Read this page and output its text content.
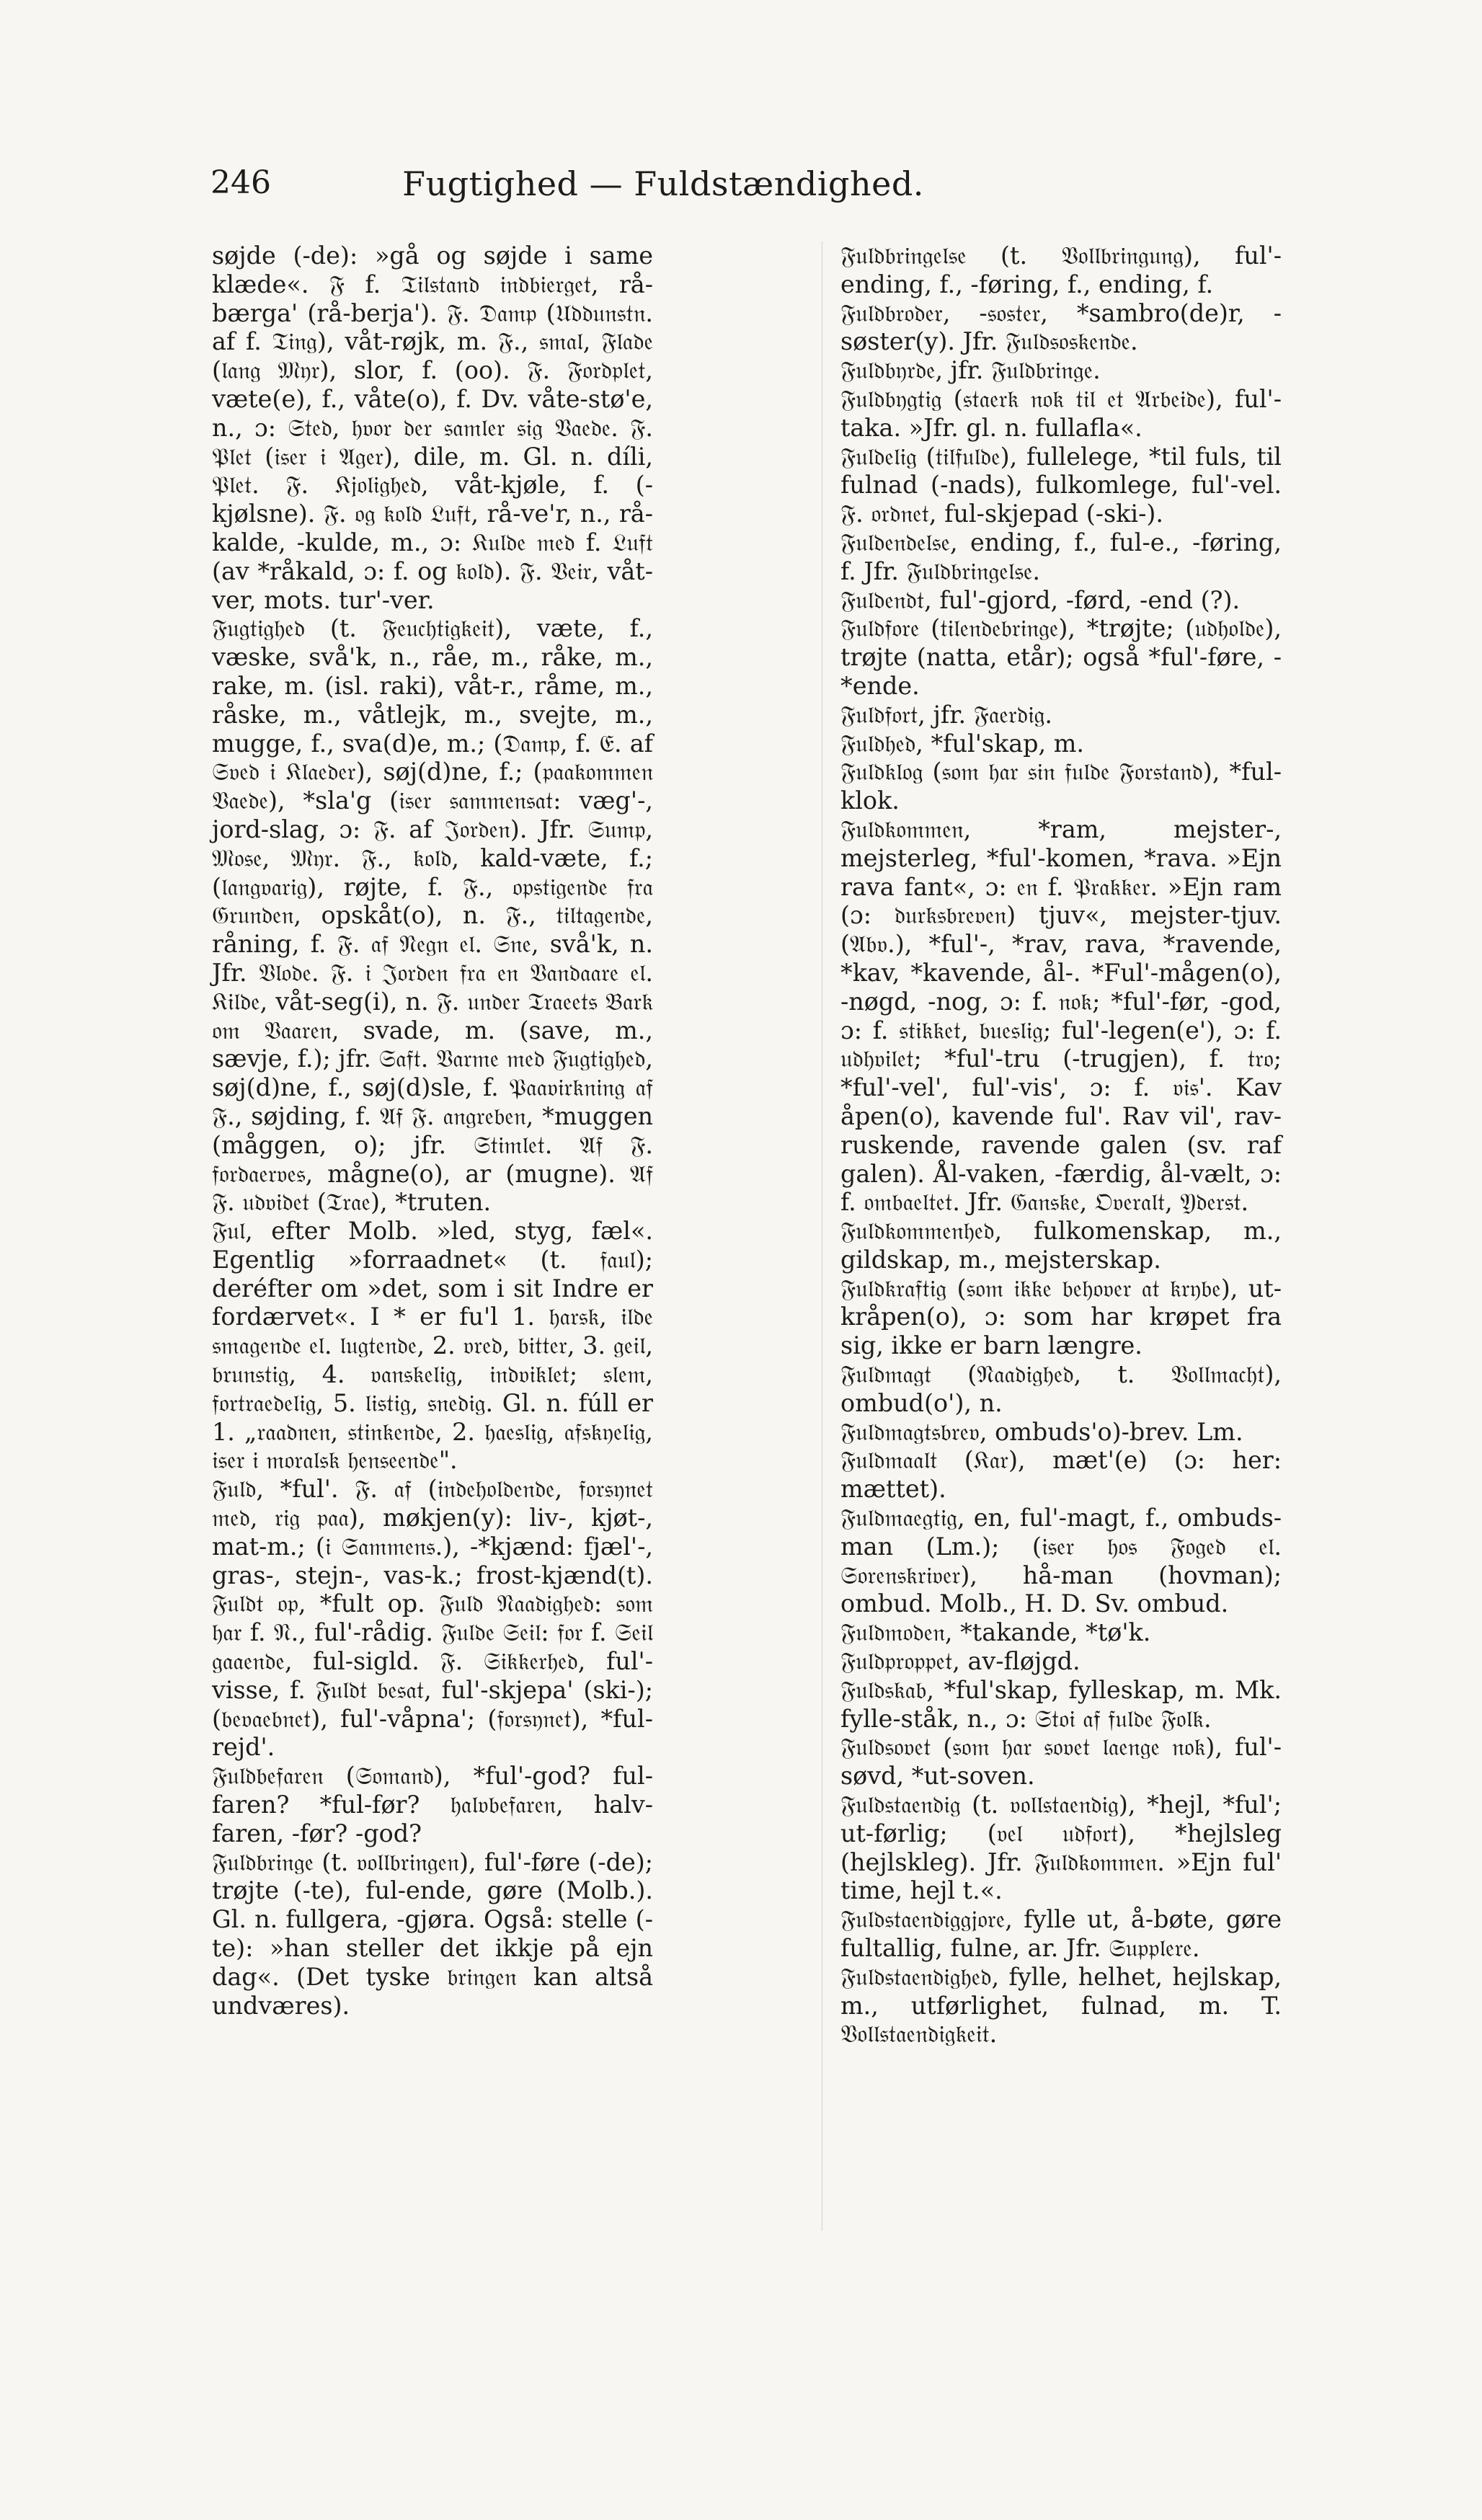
246	Fugtighed — Fuldstændighed.

søjde (-de): »gå og søjde i same klæde«. 𝔉 f. 𝔗𝔦𝔩𝔰𝔱𝔞𝔫𝔡 𝔦𝔫𝔡𝔟𝔦𝔢𝔯𝔤𝔢𝔱, rå-bærga' (rå-berja'). 𝔉. 𝔇𝔞𝔪𝔭 (𝔘𝔡𝔡𝔲𝔫𝔰𝔱𝔫. af f. 𝔗𝔦𝔫𝔤), våt-røjk, m. 𝔉., 𝔰𝔪𝔞𝔩, 𝔉𝔩𝔞𝔡𝔢 (𝔩𝔞𝔫𝔤 𝔐𝔶𝔯), slor, f. (oo). 𝔉. 𝔉𝔬𝔯𝔡𝔭𝔩𝔢𝔱, væte(e), f., våte(o), f. Dv. våte-stø'e, n., ɔ: 𝔖𝔱𝔢𝔡, 𝔥𝔳𝔬𝔯 𝔡𝔢𝔯 𝔰𝔞𝔪𝔩𝔢𝔯 𝔰𝔦𝔤 𝔙𝔞𝔢𝔡𝔢. 𝔉. 𝔓𝔩𝔢𝔱 (𝔦𝔰𝔢𝔯 𝔦 𝔄𝔤𝔢𝔯), dile, m. Gl. n. díli, 𝔓𝔩𝔢𝔱. 𝔉. 𝔎𝔧𝔬𝔩𝔦𝔤𝔥𝔢𝔡, våt-kjøle, f. (-kjølsne). 𝔉. 𝔬𝔤 𝔨𝔬𝔩𝔡 𝔏𝔲𝔣𝔱, rå-ve'r, n., rå-kalde, -kulde, m., ɔ: 𝔎𝔲𝔩𝔡𝔢 𝔪𝔢𝔡 f. 𝔏𝔲𝔣𝔱 (av *råkald, ɔ: f. og 𝔨𝔬𝔩𝔡). 𝔉. 𝔙𝔢𝔦𝔯, våt-ver, mots. tur'-ver.

𝔉𝔲𝔤𝔱𝔦𝔤𝔥𝔢𝔡 (t. 𝔉𝔢𝔲𝔠𝔥𝔱𝔦𝔤𝔨𝔢𝔦𝔱), væte, f., væske, svå'k, n., råe, m., råke, m., rake, m. (isl. raki), våt-r., råme, m., råske, m., våtlejk, m., svejte, m., mugge, f., sva(d)e, m.; (𝔇𝔞𝔪𝔭, f. 𝔈. af 𝔖𝔳𝔢𝔡 𝔦 𝔎𝔩𝔞𝔢𝔡𝔢𝔯), søj(d)ne, f.; (𝔭𝔞𝔞𝔨𝔬𝔪𝔪𝔢𝔫 𝔙𝔞𝔢𝔡𝔢), *sla'g (𝔦𝔰𝔢𝔯 𝔰𝔞𝔪𝔪𝔢𝔫𝔰𝔞𝔱: væg'-, jord-slag, ɔ: 𝔉. af 𝔍𝔬𝔯𝔡𝔢𝔫). Jfr. 𝔖𝔲𝔪𝔭, 𝔐𝔬𝔰𝔢, 𝔐𝔶𝔯. 𝔉., 𝔨𝔬𝔩𝔡, kald-væte, f.; (𝔩𝔞𝔫𝔤𝔳𝔞𝔯𝔦𝔤), røjte, f. 𝔉., 𝔬𝔭𝔰𝔱𝔦𝔤𝔢𝔫𝔡𝔢 𝔣𝔯𝔞 𝔊𝔯𝔲𝔫𝔡𝔢𝔫, opskåt(o), n. 𝔉., 𝔱𝔦𝔩𝔱𝔞𝔤𝔢𝔫𝔡𝔢, råning, f. 𝔉. 𝔞𝔣 𝔑𝔢𝔤𝔫 𝔢𝔩. 𝔖𝔫𝔢, svå'k, n. Jfr. 𝔙𝔩𝔬𝔡𝔢. 𝔉. 𝔦 𝔍𝔬𝔯𝔡𝔢𝔫 𝔣𝔯𝔞 𝔢𝔫 𝔙𝔞𝔫𝔡𝔞𝔞𝔯𝔢 𝔢𝔩. 𝔎𝔦𝔩𝔡𝔢, våt-seg(i), n. 𝔉. 𝔲𝔫𝔡𝔢𝔯 𝔗𝔯𝔞𝔢𝔢𝔱𝔰 𝔅𝔞𝔯𝔨 𝔬𝔪 𝔙𝔞𝔞𝔯𝔢𝔫, svade, m. (save, m., sævje, f.); jfr. 𝔖𝔞𝔣𝔱. 𝔙𝔞𝔯𝔪𝔢 𝔪𝔢𝔡 𝔉𝔲𝔤𝔱𝔦𝔤𝔥𝔢𝔡, søj(d)ne, f., søj(d)sle, f. 𝔓𝔞𝔞𝔳𝔦𝔯𝔨𝔫𝔦𝔫𝔤 𝔞𝔣 𝔉., søjding, f. 𝔄𝔣 𝔉. 𝔞𝔫𝔤𝔯𝔢𝔟𝔢𝔫, *muggen (måggen, o); jfr. 𝔖𝔱𝔦𝔪𝔩𝔢𝔱. 𝔄𝔣 𝔉. 𝔣𝔬𝔯𝔡𝔞𝔢𝔯𝔳𝔢𝔰, mågne(o), ar (mugne). 𝔄𝔣 𝔉. 𝔲𝔡𝔳𝔦𝔡𝔢𝔱 (𝔗𝔯𝔞𝔢), *truten.

𝔉𝔲𝔩, efter Molb. »led, styg, fæl«. Egentlig »forraadnet« (t. 𝔣𝔞𝔲𝔩); deréfter om »det, som i sit Indre er fordærvet«. I * er fu'l 1. 𝔥𝔞𝔯𝔰𝔨, 𝔦𝔩𝔡𝔢 𝔰𝔪𝔞𝔤𝔢𝔫𝔡𝔢 𝔢𝔩. 𝔩𝔲𝔤𝔱𝔢𝔫𝔡𝔢, 2. 𝔳𝔯𝔢𝔡, 𝔟𝔦𝔱𝔱𝔢𝔯, 3. 𝔤𝔢𝔦𝔩, 𝔟𝔯𝔲𝔫𝔰𝔱𝔦𝔤, 4. 𝔳𝔞𝔫𝔰𝔨𝔢𝔩𝔦𝔤, 𝔦𝔫𝔡𝔳𝔦𝔨𝔩𝔢𝔱; 𝔰𝔩𝔢𝔪, 𝔣𝔬𝔯𝔱𝔯𝔞𝔢𝔡𝔢𝔩𝔦𝔤, 5. 𝔩𝔦𝔰𝔱𝔦𝔤, 𝔰𝔫𝔢𝔡𝔦𝔤. Gl. n. fúll er 1. „𝔯𝔞𝔞𝔡𝔫𝔢𝔫, 𝔰𝔱𝔦𝔫𝔨𝔢𝔫𝔡𝔢, 2. 𝔥𝔞𝔢𝔰𝔩𝔦𝔤, 𝔞𝔣𝔰𝔨𝔶𝔢𝔩𝔦𝔤, 𝔦𝔰𝔢𝔯 𝔦 𝔪𝔬𝔯𝔞𝔩𝔰𝔨 𝔥𝔢𝔫𝔰𝔢𝔢𝔫𝔡𝔢".

𝔉𝔲𝔩𝔡, *ful'. 𝔉. 𝔞𝔣 (𝔦𝔫𝔡𝔢𝔥𝔬𝔩𝔡𝔢𝔫𝔡𝔢, 𝔣𝔬𝔯𝔰𝔶𝔫𝔢𝔱 𝔪𝔢𝔡, 𝔯𝔦𝔤 𝔭𝔞𝔞), møkjen(y): liv-, kjøt-, mat-m.; (𝔦 𝔖𝔞𝔪𝔪𝔢𝔫𝔰.), -*kjænd: fjæl'-, gras-, stejn-, vas-k.; frost-kjænd(t). 𝔉𝔲𝔩𝔡𝔱 𝔬𝔭, *fult op. 𝔉𝔲𝔩𝔡 𝔑𝔞𝔞𝔡𝔦𝔤𝔥𝔢𝔡: 𝔰𝔬𝔪 𝔥𝔞𝔯 f. 𝔑., ful'-rådig. 𝔉𝔲𝔩𝔡𝔢 𝔖𝔢𝔦𝔩: 𝔣𝔬𝔯 f. 𝔖𝔢𝔦𝔩 𝔤𝔞𝔞𝔢𝔫𝔡𝔢, ful-sigld. 𝔉. 𝔖𝔦𝔨𝔨𝔢𝔯𝔥𝔢𝔡, ful'-visse, f. 𝔉𝔲𝔩𝔡𝔱 𝔟𝔢𝔰𝔞𝔱, ful'-skjepa' (ski-); (𝔟𝔢𝔳𝔞𝔢𝔟𝔫𝔢𝔱), ful'-våpna'; (𝔣𝔬𝔯𝔰𝔶𝔫𝔢𝔱), *ful-rejd'.

𝔉𝔲𝔩𝔡𝔟𝔢𝔣𝔞𝔯𝔢𝔫 (𝔖𝔬𝔪𝔞𝔫𝔡), *ful'-god? ful-faren? *ful-før? 𝔥𝔞𝔩𝔳𝔟𝔢𝔣𝔞𝔯𝔢𝔫, halv-faren, -før? -god?

𝔉𝔲𝔩𝔡𝔟𝔯𝔦𝔫𝔤𝔢 (t. 𝔳𝔬𝔩𝔩𝔟𝔯𝔦𝔫𝔤𝔢𝔫), ful'-føre (-de); trøjte (-te), ful-ende, gøre (Molb.). Gl. n. fullgera, -gjøra. Også: stelle (-te): »han steller det ikkje på ejn dag«. (Det tyske 𝔟𝔯𝔦𝔫𝔤𝔢𝔫 kan altså undværes).

𝔉𝔲𝔩𝔡𝔟𝔯𝔦𝔫𝔤𝔢𝔩𝔰𝔢 (t. 𝔙𝔬𝔩𝔩𝔟𝔯𝔦𝔫𝔤𝔲𝔫𝔤), ful'-ending, f., -føring, f., ending, f.

𝔉𝔲𝔩𝔡𝔟𝔯𝔬𝔡𝔢𝔯, -𝔰𝔬𝔰𝔱𝔢𝔯, *sambro(de)r, -søster(y). Jfr. 𝔉𝔲𝔩𝔡𝔰𝔬𝔰𝔨𝔢𝔫𝔡𝔢.

𝔉𝔲𝔩𝔡𝔟𝔶𝔯𝔡𝔢, jfr. 𝔉𝔲𝔩𝔡𝔟𝔯𝔦𝔫𝔤𝔢.

𝔉𝔲𝔩𝔡𝔟𝔶𝔤𝔱𝔦𝔤 (𝔰𝔱𝔞𝔢𝔯𝔨 𝔫𝔬𝔨 𝔱𝔦𝔩 𝔢𝔱 𝔄𝔯𝔟𝔢𝔦𝔡𝔢), ful'-taka. »Jfr. gl. n. fullafla«.

𝔉𝔲𝔩𝔡𝔢𝔩𝔦𝔤 (𝔱𝔦𝔩𝔣𝔲𝔩𝔡𝔢), fullelege, *til fuls, til fulnad (-nads), fulkomlege, ful'-vel. 𝔉. 𝔬𝔯𝔡𝔫𝔢𝔱, ful-skjepad (-ski-).

𝔉𝔲𝔩𝔡𝔢𝔫𝔡𝔢𝔩𝔰𝔢, ending, f., ful-e., -føring, f. Jfr. 𝔉𝔲𝔩𝔡𝔟𝔯𝔦𝔫𝔤𝔢𝔩𝔰𝔢.

𝔉𝔲𝔩𝔡𝔢𝔫𝔡𝔱, ful'-gjord, -førd, -end (?).

𝔉𝔲𝔩𝔡𝔣𝔬𝔯𝔢 (𝔱𝔦𝔩𝔢𝔫𝔡𝔢𝔟𝔯𝔦𝔫𝔤𝔢), *trøjte; (𝔲𝔡𝔥𝔬𝔩𝔡𝔢), trøjte (natta, etår); også *ful'-føre, -*ende.

𝔉𝔲𝔩𝔡𝔣𝔬𝔯𝔱, jfr. 𝔉𝔞𝔢𝔯𝔡𝔦𝔤.

𝔉𝔲𝔩𝔡𝔥𝔢𝔡, *ful'skap, m.

𝔉𝔲𝔩𝔡𝔨𝔩𝔬𝔤 (𝔰𝔬𝔪 𝔥𝔞𝔯 𝔰𝔦𝔫 𝔣𝔲𝔩𝔡𝔢 𝔉𝔬𝔯𝔰𝔱𝔞𝔫𝔡), *ful-klok.

𝔉𝔲𝔩𝔡𝔨𝔬𝔪𝔪𝔢𝔫, *ram, mejster-, mejsterleg, *ful'-komen, *rava. »Ejn rava fant«, ɔ: 𝔢𝔫 f. 𝔓𝔯𝔞𝔨𝔨𝔢𝔯. »Ejn ram (ɔ: 𝔡𝔲𝔯𝔨𝔰𝔟𝔯𝔢𝔳𝔢𝔫) tjuv«, mejster-tjuv. (𝔄𝔟𝔳.), *ful'-, *rav, rava, *ravende, *kav, *kavende, ål-. *Ful'-mågen(o), -nøgd, -nog, ɔ: f. 𝔫𝔬𝔨; *ful'-før, -god, ɔ: f. 𝔰𝔱𝔦𝔨𝔨𝔢𝔱, 𝔟𝔲𝔢𝔰𝔩𝔦𝔤; ful'-legen(e'), ɔ: f. 𝔲𝔡𝔥𝔳𝔦𝔩𝔢𝔱; *ful'-tru (-trugjen), f. 𝔱𝔯𝔬; *ful'-vel', ful'-vis', ɔ: f. 𝔳𝔦𝔰'. Kav åpen(o), kavende ful'. Rav vil', rav-ruskende, ravende galen (sv. raf galen). Ål-vaken, -færdig, ål-vælt, ɔ: f. 𝔬𝔪𝔟𝔞𝔢𝔩𝔱𝔢𝔱. Jfr. 𝔊𝔞𝔫𝔰𝔨𝔢, 𝔒𝔳𝔢𝔯𝔞𝔩𝔱, 𝔜𝔡𝔢𝔯𝔰𝔱.

𝔉𝔲𝔩𝔡𝔨𝔬𝔪𝔪𝔢𝔫𝔥𝔢𝔡, fulkomenskap, m., gildskap, m., mejsterskap.

𝔉𝔲𝔩𝔡𝔨𝔯𝔞𝔣𝔱𝔦𝔤 (𝔰𝔬𝔪 𝔦𝔨𝔨𝔢 𝔟𝔢𝔥𝔬𝔳𝔢𝔯 𝔞𝔱 𝔨𝔯𝔶𝔟𝔢), ut-kråpen(o), ɔ: som har krøpet fra sig, ikke er barn længre.

𝔉𝔲𝔩𝔡𝔪𝔞𝔤𝔱 (𝔑𝔞𝔞𝔡𝔦𝔤𝔥𝔢𝔡, t. 𝔙𝔬𝔩𝔩𝔪𝔞𝔠𝔥𝔱), ombud(o'), n.

𝔉𝔲𝔩𝔡𝔪𝔞𝔤𝔱𝔰𝔟𝔯𝔢𝔳, ombuds'o)-brev. Lm.

𝔉𝔲𝔩𝔡𝔪𝔞𝔞𝔩𝔱 (𝔎𝔞𝔯), mæt'(e) (ɔ: her: mættet).

𝔉𝔲𝔩𝔡𝔪𝔞𝔢𝔤𝔱𝔦𝔤, en, ful'-magt, f., ombuds-man (Lm.); (𝔦𝔰𝔢𝔯 𝔥𝔬𝔰 𝔉𝔬𝔤𝔢𝔡 𝔢𝔩. 𝔖𝔬𝔯𝔢𝔫𝔰𝔨𝔯𝔦𝔳𝔢𝔯), hå-man (hovman); ombud. Molb., H. D. Sv. ombud.

𝔉𝔲𝔩𝔡𝔪𝔬𝔡𝔢𝔫, *takande, *tø'k.

𝔉𝔲𝔩𝔡𝔭𝔯𝔬𝔭𝔭𝔢𝔱, av-fløjgd.

𝔉𝔲𝔩𝔡𝔰𝔨𝔞𝔟, *ful'skap, fylleskap, m. Mk. fylle-ståk, n., ɔ: 𝔖𝔱𝔬𝔦 𝔞𝔣 𝔣𝔲𝔩𝔡𝔢 𝔉𝔬𝔩𝔨.

𝔉𝔲𝔩𝔡𝔰𝔬𝔳𝔢𝔱 (𝔰𝔬𝔪 𝔥𝔞𝔯 𝔰𝔬𝔳𝔢𝔱 𝔩𝔞𝔢𝔫𝔤𝔢 𝔫𝔬𝔨), ful'-søvd, *ut-soven.

𝔉𝔲𝔩𝔡𝔰𝔱𝔞𝔢𝔫𝔡𝔦𝔤 (t. 𝔳𝔬𝔩𝔩𝔰𝔱𝔞𝔢𝔫𝔡𝔦𝔤), *hejl, *ful'; ut-førlig; (𝔳𝔢𝔩 𝔲𝔡𝔣𝔬𝔯𝔱), *hejlsleg (hejlskleg). Jfr. 𝔉𝔲𝔩𝔡𝔨𝔬𝔪𝔪𝔢𝔫. »Ejn ful' time, hejl t.«.

𝔉𝔲𝔩𝔡𝔰𝔱𝔞𝔢𝔫𝔡𝔦𝔤𝔤𝔧𝔬𝔯𝔢, fylle ut, å-bøte, gøre fultallig, fulne, ar. Jfr. 𝔖𝔲𝔭𝔭𝔩𝔢𝔯𝔢.

𝔉𝔲𝔩𝔡𝔰𝔱𝔞𝔢𝔫𝔡𝔦𝔤𝔥𝔢𝔡, fylle, helhet, hejlskap, m., utførlighet, fulnad, m. T. 𝔙𝔬𝔩𝔩𝔰𝔱𝔞𝔢𝔫𝔡𝔦𝔤𝔨𝔢𝔦𝔱.
